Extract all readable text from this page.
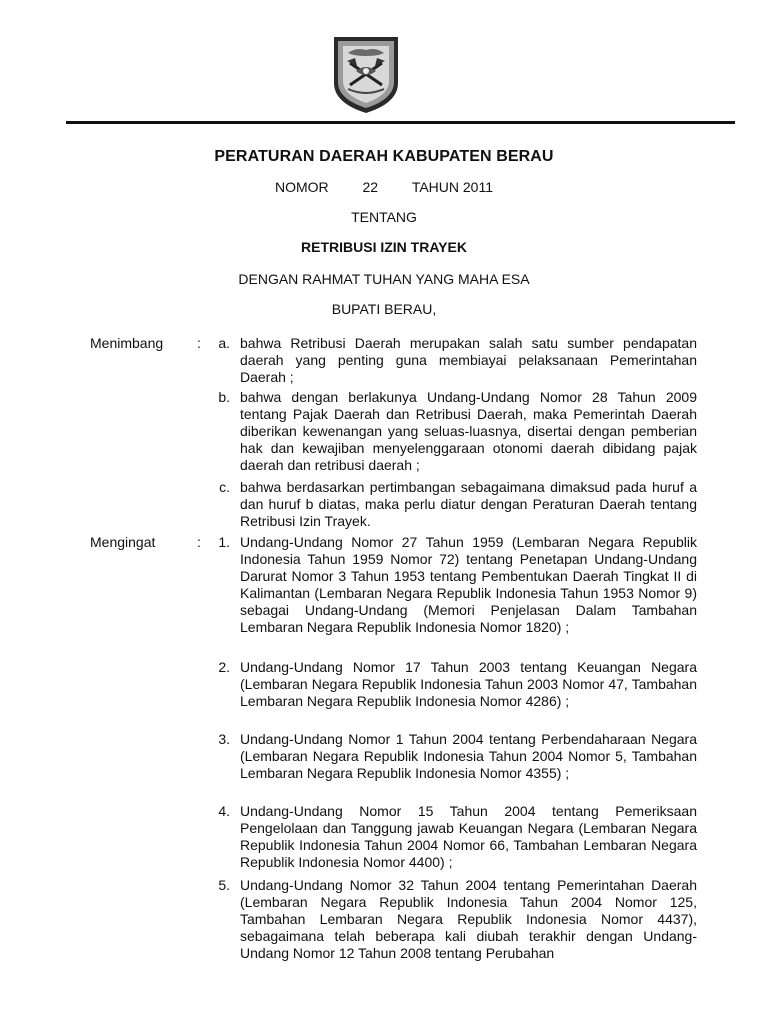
PERATURAN DAERAH KABUPATEN BERAU
NOMOR 22 TAHUN 2011
TENTANG
RETRIBUSI IZIN TRAYEK
DENGAN RAHMAT TUHAN YANG MAHA ESA
BUPATI BERAU,
Menimbang :	a. bahwa Retribusi Daerah merupakan salah satu sumber pendapatan daerah yang penting guna membiayai pelaksanaan Pemerintahan Daerah ;
b. bahwa dengan berlakunya Undang-Undang Nomor 28 Tahun 2009 tentang Pajak Daerah dan Retribusi Daerah, maka Pemerintah Daerah diberikan kewenangan yang seluas-luasnya, disertai dengan pemberian hak dan kewajiban menyelenggaraan otonomi daerah dibidang pajak daerah dan retribusi daerah ;
c. bahwa berdasarkan pertimbangan sebagaimana dimaksud pada huruf a dan huruf b diatas, maka perlu diatur dengan Peraturan Daerah tentang Retribusi Izin Trayek.
Mengingat	:	1. Undang-Undang Nomor 27 Tahun 1959 (Lembaran Negara Republik Indonesia Tahun 1959 Nomor 72) tentang Penetapan Undang-Undang Darurat Nomor 3 Tahun 1953 tentang Pembentukan Daerah Tingkat II di Kalimantan (Lembaran Negara Republik Indonesia Tahun 1953 Nomor 9) sebagai Undang-Undang (Memori Penjelasan Dalam Tambahan Lembaran Negara Republik Indonesia Nomor 1820) ;
2. Undang-Undang Nomor 17 Tahun 2003 tentang Keuangan Negara (Lembaran Negara Republik Indonesia Tahun 2003 Nomor 47, Tambahan Lembaran Negara Republik Indonesia Nomor 4286) ;
3. Undang-Undang Nomor 1 Tahun 2004 tentang Perbendaharaan Negara (Lembaran Negara Republik Indonesia Tahun 2004 Nomor 5, Tambahan Lembaran Negara Republik Indonesia Nomor 4355) ;
4. Undang-Undang Nomor 15 Tahun 2004 tentang Pemeriksaan Pengelolaan dan Tanggung jawab Keuangan Negara (Lembaran Negara Republik Indonesia Tahun 2004 Nomor 66, Tambahan Lembaran Negara Republik Indonesia Nomor 4400) ;
5. Undang-Undang Nomor 32 Tahun 2004 tentang Pemerintahan Daerah (Lembaran Negara Republik Indonesia Tahun 2004 Nomor 125, Tambahan Lembaran Negara Republik Indonesia Nomor 4437), sebagaimana telah beberapa kali diubah terakhir dengan Undang-Undang Nomor 12 Tahun 2008 tentang Perubahan
